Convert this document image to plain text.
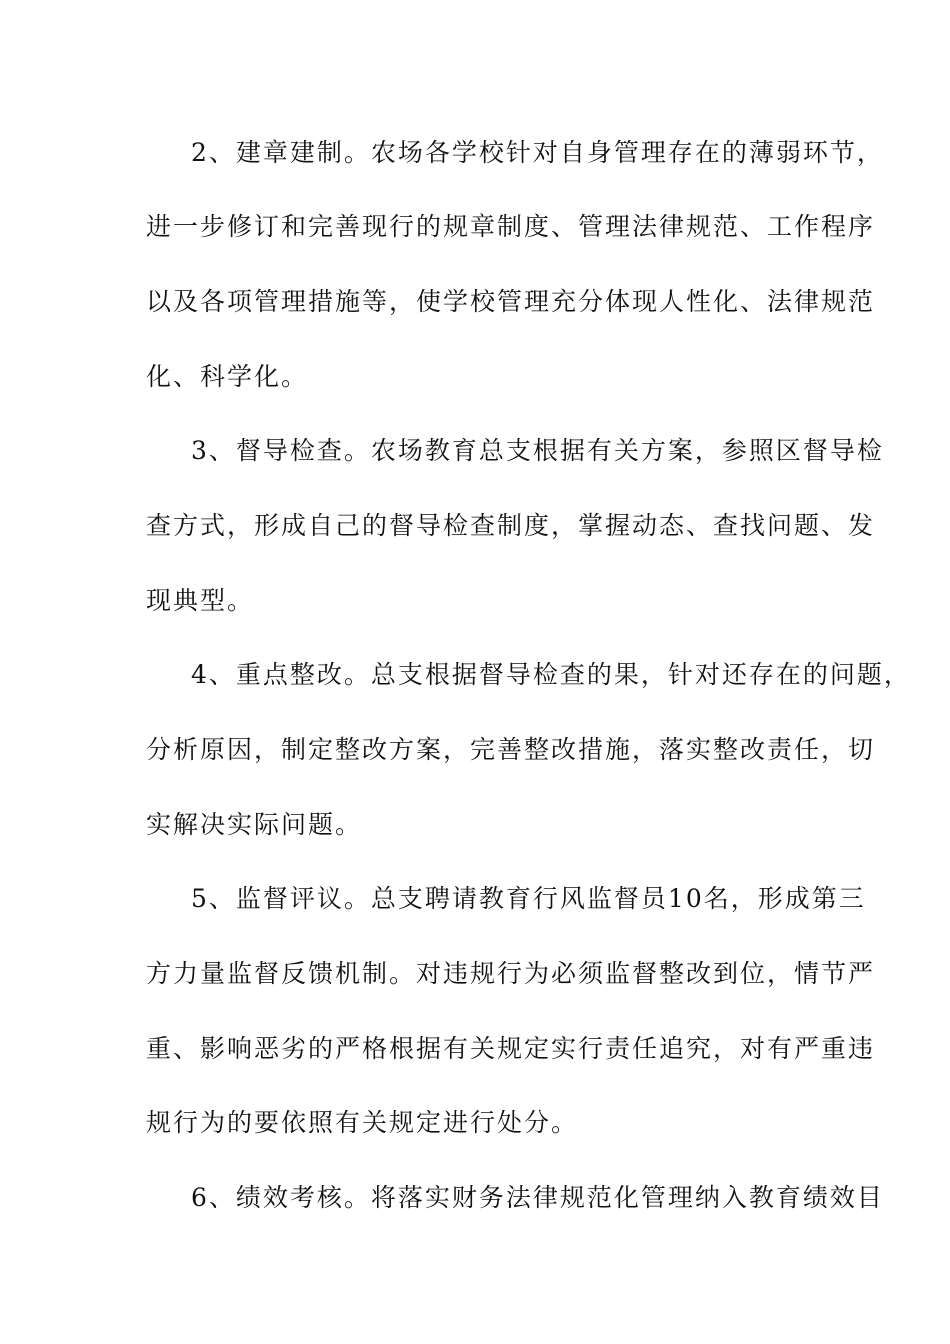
2、建章建制。农场各学校针对自身管理存在的薄弱环节，
进一步修订和完善现行的规章制度、管理法律规范、工作程序
以及各项管理措施等，使学校管理充分体现人性化、法律规范
化、科学化。
3、督导检查。农场教育总支根据有关方案，参照区督导检
查方式，形成自己的督导检查制度，掌握动态、查找问题、发
现典型。
4、重点整改。总支根据督导检查的果，针对还存在的问题，
分析原因，制定整改方案，完善整改措施，落实整改责任，切
实解决实际问题。
5、监督评议。总支聘请教育行风监督员10名，形成第三
方力量监督反馈机制。对违规行为必须监督整改到位，情节严
重、影响恶劣的严格根据有关规定实行责任追究，对有严重违
规行为的要依照有关规定进行处分。
6、绩效考核。将落实财务法律规范化管理纳入教育绩效目
